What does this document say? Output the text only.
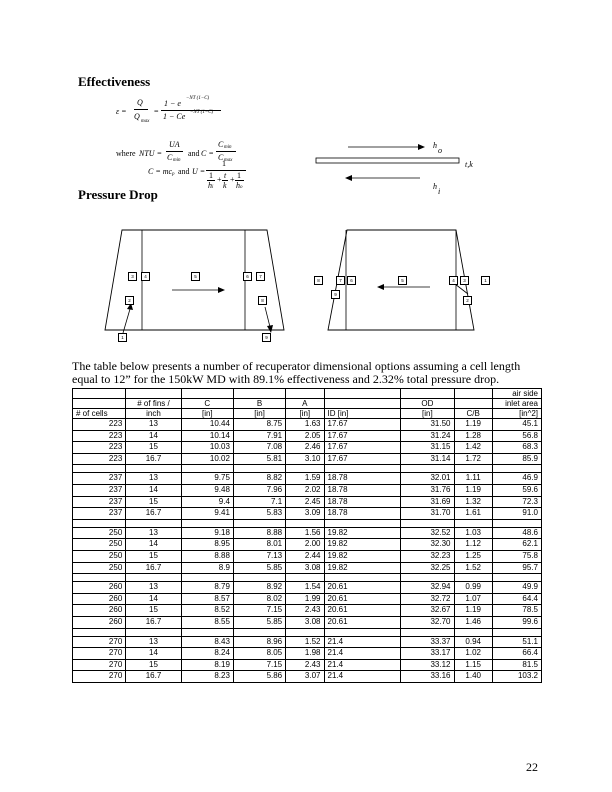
Effectiveness
Pressure Drop
ε =
Q
Q
max
=
1 − e
−NT (1−C)
1 − Ce −NT (1−C)
where NTU =
UA
C min
and C =
C min
C max
C = mc p and U =
1
1
h i
+ t
k
+ 1
h o
h
o
t,k
h
i
3	4	5	6	7
2	8
1	9
8	7	6	5	4	3	1
9
2
The table below presents a number of recuperator dimensional options assuming a cell length equal to 12” for the 150kW MD with 89.1% effectiveness and 2.32% total pressure drop.
								air side
	# of fins /	C	B	A		OD		inlet area
# of cells	inch	[in]	[in]	[in]	ID [in]	[in]	C/B	[in^2]
223	13	10.44	8.75	1.63	17.67	31.50	1.19	45.1
223	14	10.14	7.91	2.05	17.67	31.24	1.28	56.8
223	15	10.03	7.08	2.46	17.67	31.15	1.42	68.3
223	16.7	10.02	5.81	3.10	17.67	31.14	1.72	85.9

237	13	9.75	8.82	1.59	18.78	32.01	1.11	46.9
237	14	9.48	7.96	2.02	18.78	31.76	1.19	59.6
237	15	9.4	7.1	2.45	18.78	31.69	1.32	72.3
237	16.7	9.41	5.83	3.09	18.78	31.70	1.61	91.0

250	13	9.18	8.88	1.56	19.82	32.52	1.03	48.6
250	14	8.95	8.01	2.00	19.82	32.30	1.12	62.1
250	15	8.88	7.13	2.44	19.82	32.23	1.25	75.8
250	16.7	8.9	5.85	3.08	19.82	32.25	1.52	95.7

260	13	8.79	8.92	1.54	20.61	32.94	0.99	49.9
260	14	8.57	8.02	1.99	20.61	32.72	1.07	64.4
260	15	8.52	7.15	2.43	20.61	32.67	1.19	78.5
260	16.7	8.55	5.85	3.08	20.61	32.70	1.46	99.6

270	13	8.43	8.96	1.52	21.4	33.37	0.94	51.1
270	14	8.24	8.05	1.98	21.4	33.17	1.02	66.4
270	15	8.19	7.15	2.43	21.4	33.12	1.15	81.5
270	16.7	8.23	5.86	3.07	21.4	33.16	1.40	103.2
22
